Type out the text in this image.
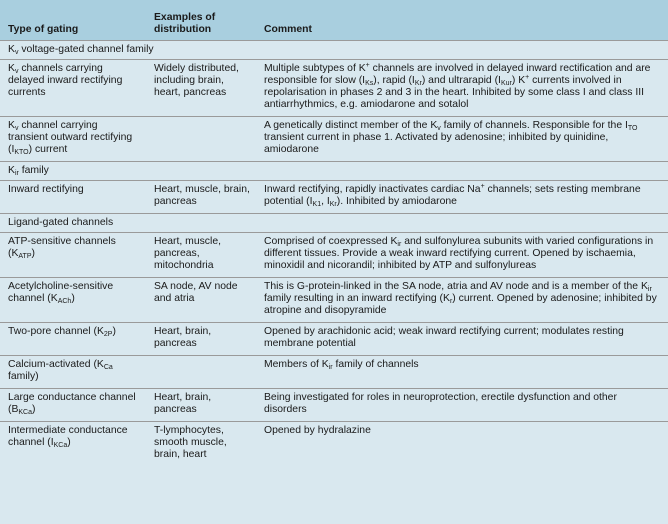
Type of gating	Examples of distribution	Comment
$K_v$ voltage-gated channel family		
$K_v$ channels carrying delayed inward rectifying currents	Widely distributed, including brain, heart, pancreas	Multiple subtypes of K+ channels are involved in delayed inward rectification and are responsible for slow $(I_{Ks})$, rapid $(I_{Kr})$ and ultrarapid $(I_{Kur})$ K+ currents involved in repolarisation in phases 2 and 3 in the heart. Inhibited by some class I and class III antiarrhythmics, e.g. amiodarone and sotalol
$K_v$ channel carrying transient outward rectifying $(I_{KTO})$ current		A genetically distinct member of the $K_v$ family of channels. Responsible for the $I_{TO}$ transient current in phase 1. Activated by adenosine; inhibited by quinidine, amiodarone
$K_{ir}$ family		
Inward rectifying	Heart, muscle, brain, pancreas	Inward rectifying, rapidly inactivates cardiac Na+ channels; sets resting membrane potential ($I_{K1}$, $I_{Kr}$). Inhibited by amiodarone
Ligand-gated channels		
ATP-sensitive channels $(K_{ATP})$	Heart, muscle, pancreas, mitochondria	Comprised of coexpressed $K_{ir}$ and sulfonylurea subunits with varied configurations in different tissues. Provide a weak inward rectifying current. Opened by ischaemia, minoxidil and nicorandil; inhibited by ATP and sulfonylureas
Acetylcholine-sensitive channel $(K_{ACh})$	SA node, AV node and atria	This is G-protein-linked in the SA node, atria and AV node and is a member of the $K_{ir}$ family resulting in an inward rectifying $(K_r)$ current. Opened by adenosine; inhibited by atropine and disopyramide
Two-pore channel $(K_{2P})$	Heart, brain, pancreas	Opened by arachidonic acid; weak inward rectifying current; modulates resting membrane potential
Calcium-activated ($K_{Ca}$ family)		Members of $K_{ir}$ family of channels
Large conductance channel $(B_{KCa})$	Heart, brain, pancreas	Being investigated for roles in neuroprotection, erectile dysfunction and other disorders
Intermediate conductance channel $(I_{KCa})$	T-lymphocytes, smooth muscle, brain, heart	Opened by hydralazine
